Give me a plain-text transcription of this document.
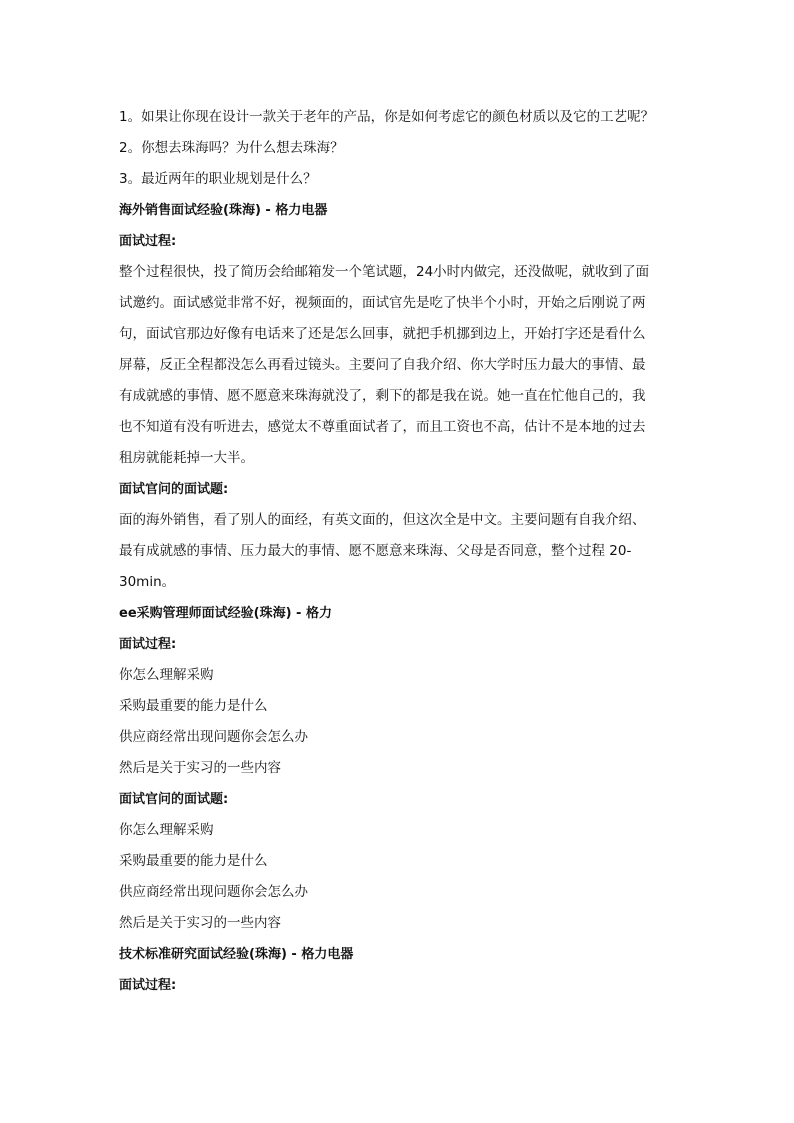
1。如果让你现在设计一款关于老年的产品，你是如何考虑它的颜色材质以及它的工艺呢？

2。你想去珠海吗？为什么想去珠海？

3。最近两年的职业规划是什么？

海外销售面试经验(珠海) - 格力电器

面试过程:

整个过程很快，投了简历会给邮箱发一个笔试题，24小时内做完，还没做呢，就收到了面
试邀约。面试感觉非常不好，视频面的，面试官先是吃了快半个小时，开始之后刚说了两
句，面试官那边好像有电话来了还是怎么回事，就把手机挪到边上，开始打字还是看什么
屏幕，反正全程都没怎么再看过镜头。主要问了自我介绍、你大学时压力最大的事情、最
有成就感的事情、愿不愿意来珠海就没了，剩下的都是我在说。她一直在忙他自己的，我
也不知道有没有听进去，感觉太不尊重面试者了，而且工资也不高，估计不是本地的过去
租房就能耗掉一大半。

面试官问的面试题:

面的海外销售，看了别人的面经，有英文面的，但这次全是中文。主要问题有自我介绍、
最有成就感的事情、压力最大的事情、愿不愿意来珠海、父母是否同意，整个过程 20-
30min。

ee采购管理师面试经验(珠海) - 格力

面试过程:

你怎么理解采购

采购最重要的能力是什么

供应商经常出现问题你会怎么办

然后是关于实习的一些内容

面试官问的面试题:

你怎么理解采购

采购最重要的能力是什么

供应商经常出现问题你会怎么办

然后是关于实习的一些内容

技术标准研究面试经验(珠海) - 格力电器

面试过程:
